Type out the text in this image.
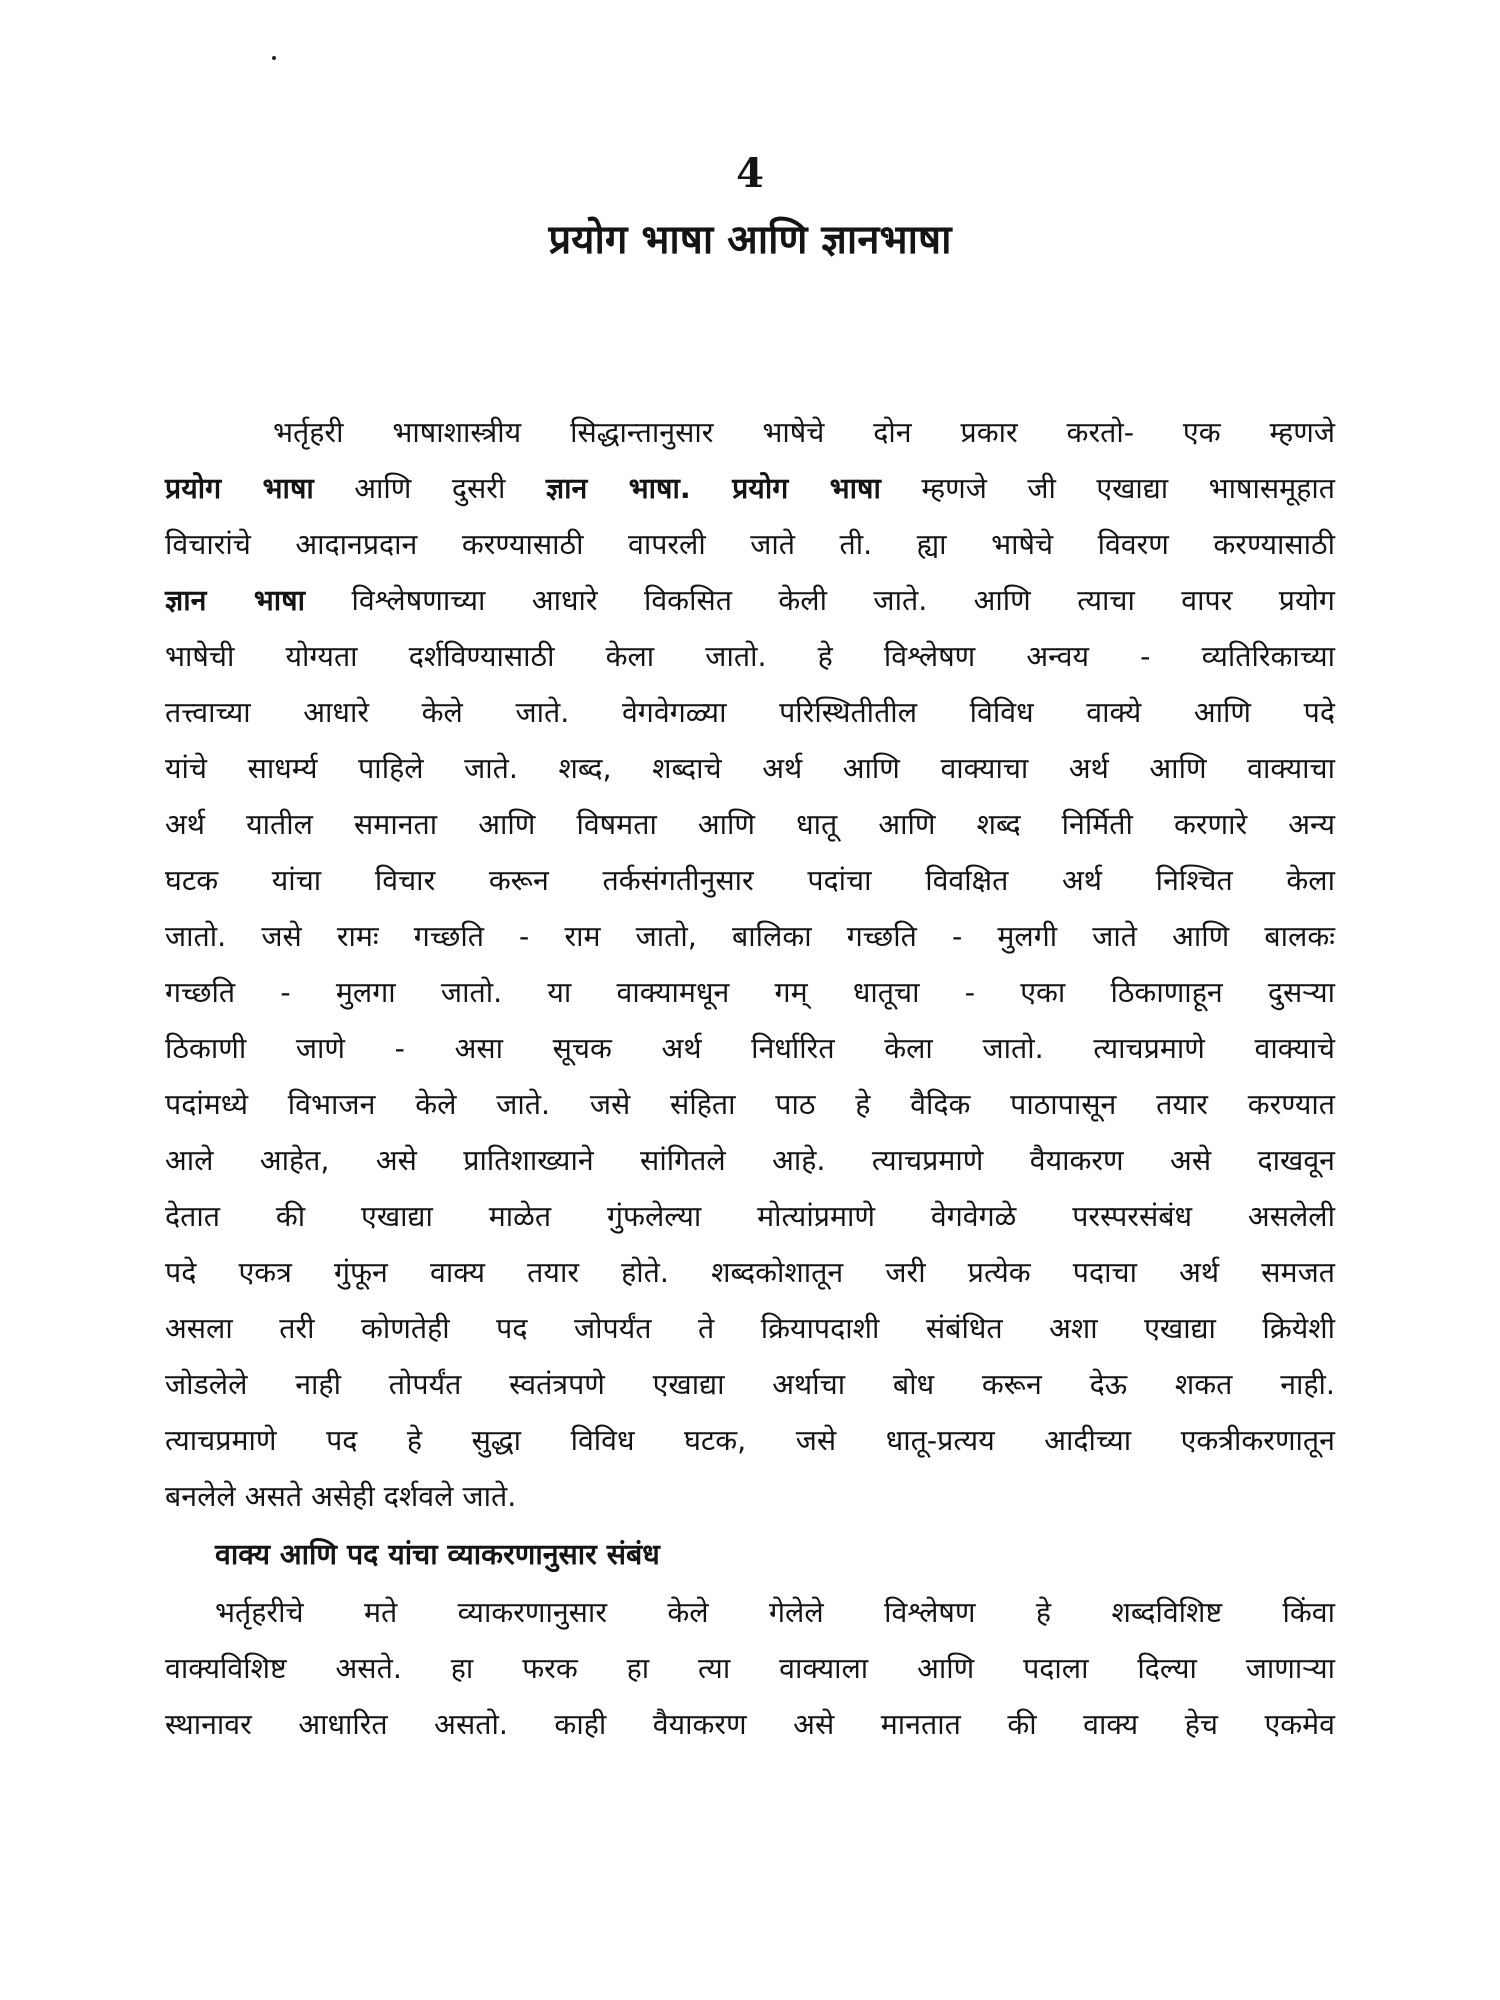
4
प्रयोग भाषा आणि ज्ञानभाषा
भर्तृहरी भाषाशास्त्रीय सिद्धान्तानुसार भाषेचे दोन प्रकार करतो- एक म्हणजे
प्रयोग भाषा आणि दुसरी ज्ञान भाषा. प्रयोग भाषा म्हणजे जी एखाद्या भाषासमूहात
विचारांचे आदानप्रदान करण्यासाठी वापरली जाते ती. ह्या भाषेचे विवरण करण्यासाठी
ज्ञान भाषा विश्लेषणाच्या आधारे विकसित केली जाते. आणि त्याचा वापर प्रयोग
भाषेची योग्यता दर्शविण्यासाठी केला जातो. हे विश्लेषण अन्वय - व्यतिरिकाच्या
तत्त्वाच्या आधारे केले जाते. वेगवेगळ्या परिस्थितीतील विविध वाक्ये आणि पदे
यांचे साधर्म्य पाहिले जाते. शब्द, शब्दाचे अर्थ आणि वाक्याचा अर्थ आणि वाक्याचा
अर्थ यातील समानता आणि विषमता आणि धातू आणि शब्द निर्मिती करणारे अन्य
घटक यांचा विचार करून तर्कसंगतीनुसार पदांचा विवक्षित अर्थ निश्चित केला
जातो. जसे रामः गच्छति - राम जातो, बालिका गच्छति - मुलगी जाते आणि बालकः
गच्छति - मुलगा जातो. या वाक्यामधून गम् धातूचा - एका ठिकाणाहून दुसऱ्या
ठिकाणी जाणे - असा सूचक अर्थ निर्धारित केला जातो. त्याचप्रमाणे वाक्याचे
पदांमध्ये विभाजन केले जाते. जसे संहिता पाठ हे वैदिक पाठापासून तयार करण्यात
आले आहेत, असे प्रातिशाख्याने सांगितले आहे. त्याचप्रमाणे वैयाकरण असे दाखवून
देतात की एखाद्या माळेत गुंफलेल्या मोत्यांप्रमाणे वेगवेगळे परस्परसंबंध असलेली
पदे एकत्र गुंफून वाक्य तयार होते. शब्दकोशातून जरी प्रत्येक पदाचा अर्थ समजत
असला तरी कोणतेही पद जोपर्यंत ते क्रियापदाशी संबंधित अशा एखाद्या क्रियेशी
जोडलेले नाही तोपर्यंत स्वतंत्रपणे एखाद्या अर्थाचा बोध करून देऊ शकत नाही.
त्याचप्रमाणे पद हे सुद्धा विविध घटक, जसे धातू-प्रत्यय आदीच्या एकत्रीकरणातून
बनलेले असते असेही दर्शवले जाते.
वाक्य आणि पद यांचा व्याकरणानुसार संबंध
भर्तृहरीचे मते व्याकरणानुसार केले गेलेले विश्लेषण हे शब्दविशिष्ट किंवा
वाक्यविशिष्ट असते. हा फरक हा त्या वाक्याला आणि पदाला दिल्या जाणाऱ्या
स्थानावर आधारित असतो. काही वैयाकरण असे मानतात की वाक्य हेच एकमेव
